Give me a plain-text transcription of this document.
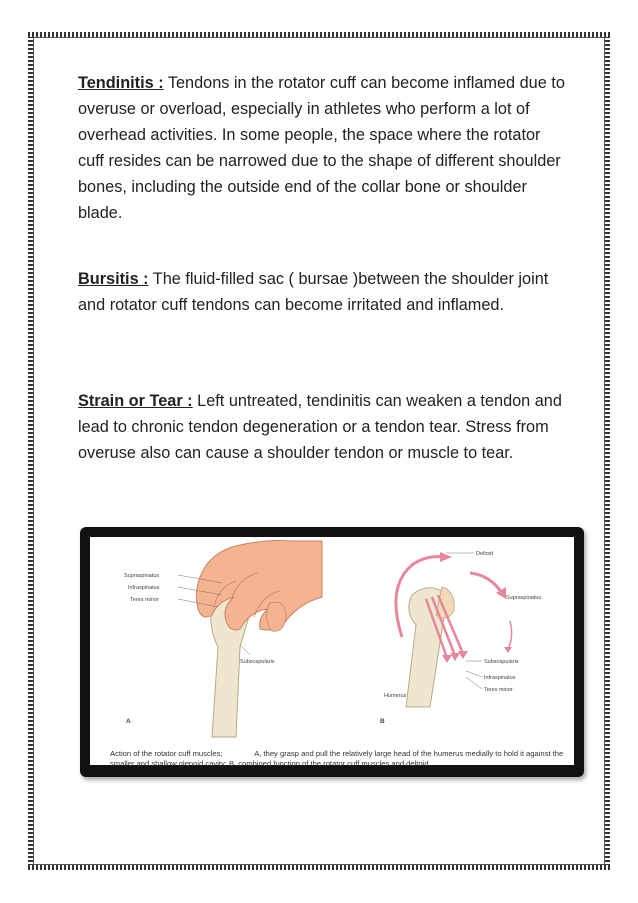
Tendinitis : Tendons in the rotator cuff can become inflamed due to overuse or overload, especially in athletes who perform a lot of overhead activities. In some people, the space where the rotator cuff resides can be narrowed due to the shape of different shoulder bones, including the outside end of the collar bone or shoulder blade.

Bursitis : The fluid-filled sac ( bursae )between the shoulder joint and rotator cuff tendons can become irritated and inflamed.

Strain or Tear : Left untreated, tendinitis can weaken a tendon and lead to chronic tendon degeneration or a tendon tear. Stress from overuse also can cause a shoulder tendon or muscle to tear.

Supraspinatus
Infraspinatus
Teres minor
Subscapularis
A
Deltoid
Supraspinatus
Subscapularis
Infraspinatus
Teres minor
Humerus
B
Action of the rotator cuff muscles;	A, they grasp and pull the relatively large head of the humerus medially to hold it against the smaller and shallow glenoid cavity; B, combined function of the rotator cuff muscles and deltoid.
